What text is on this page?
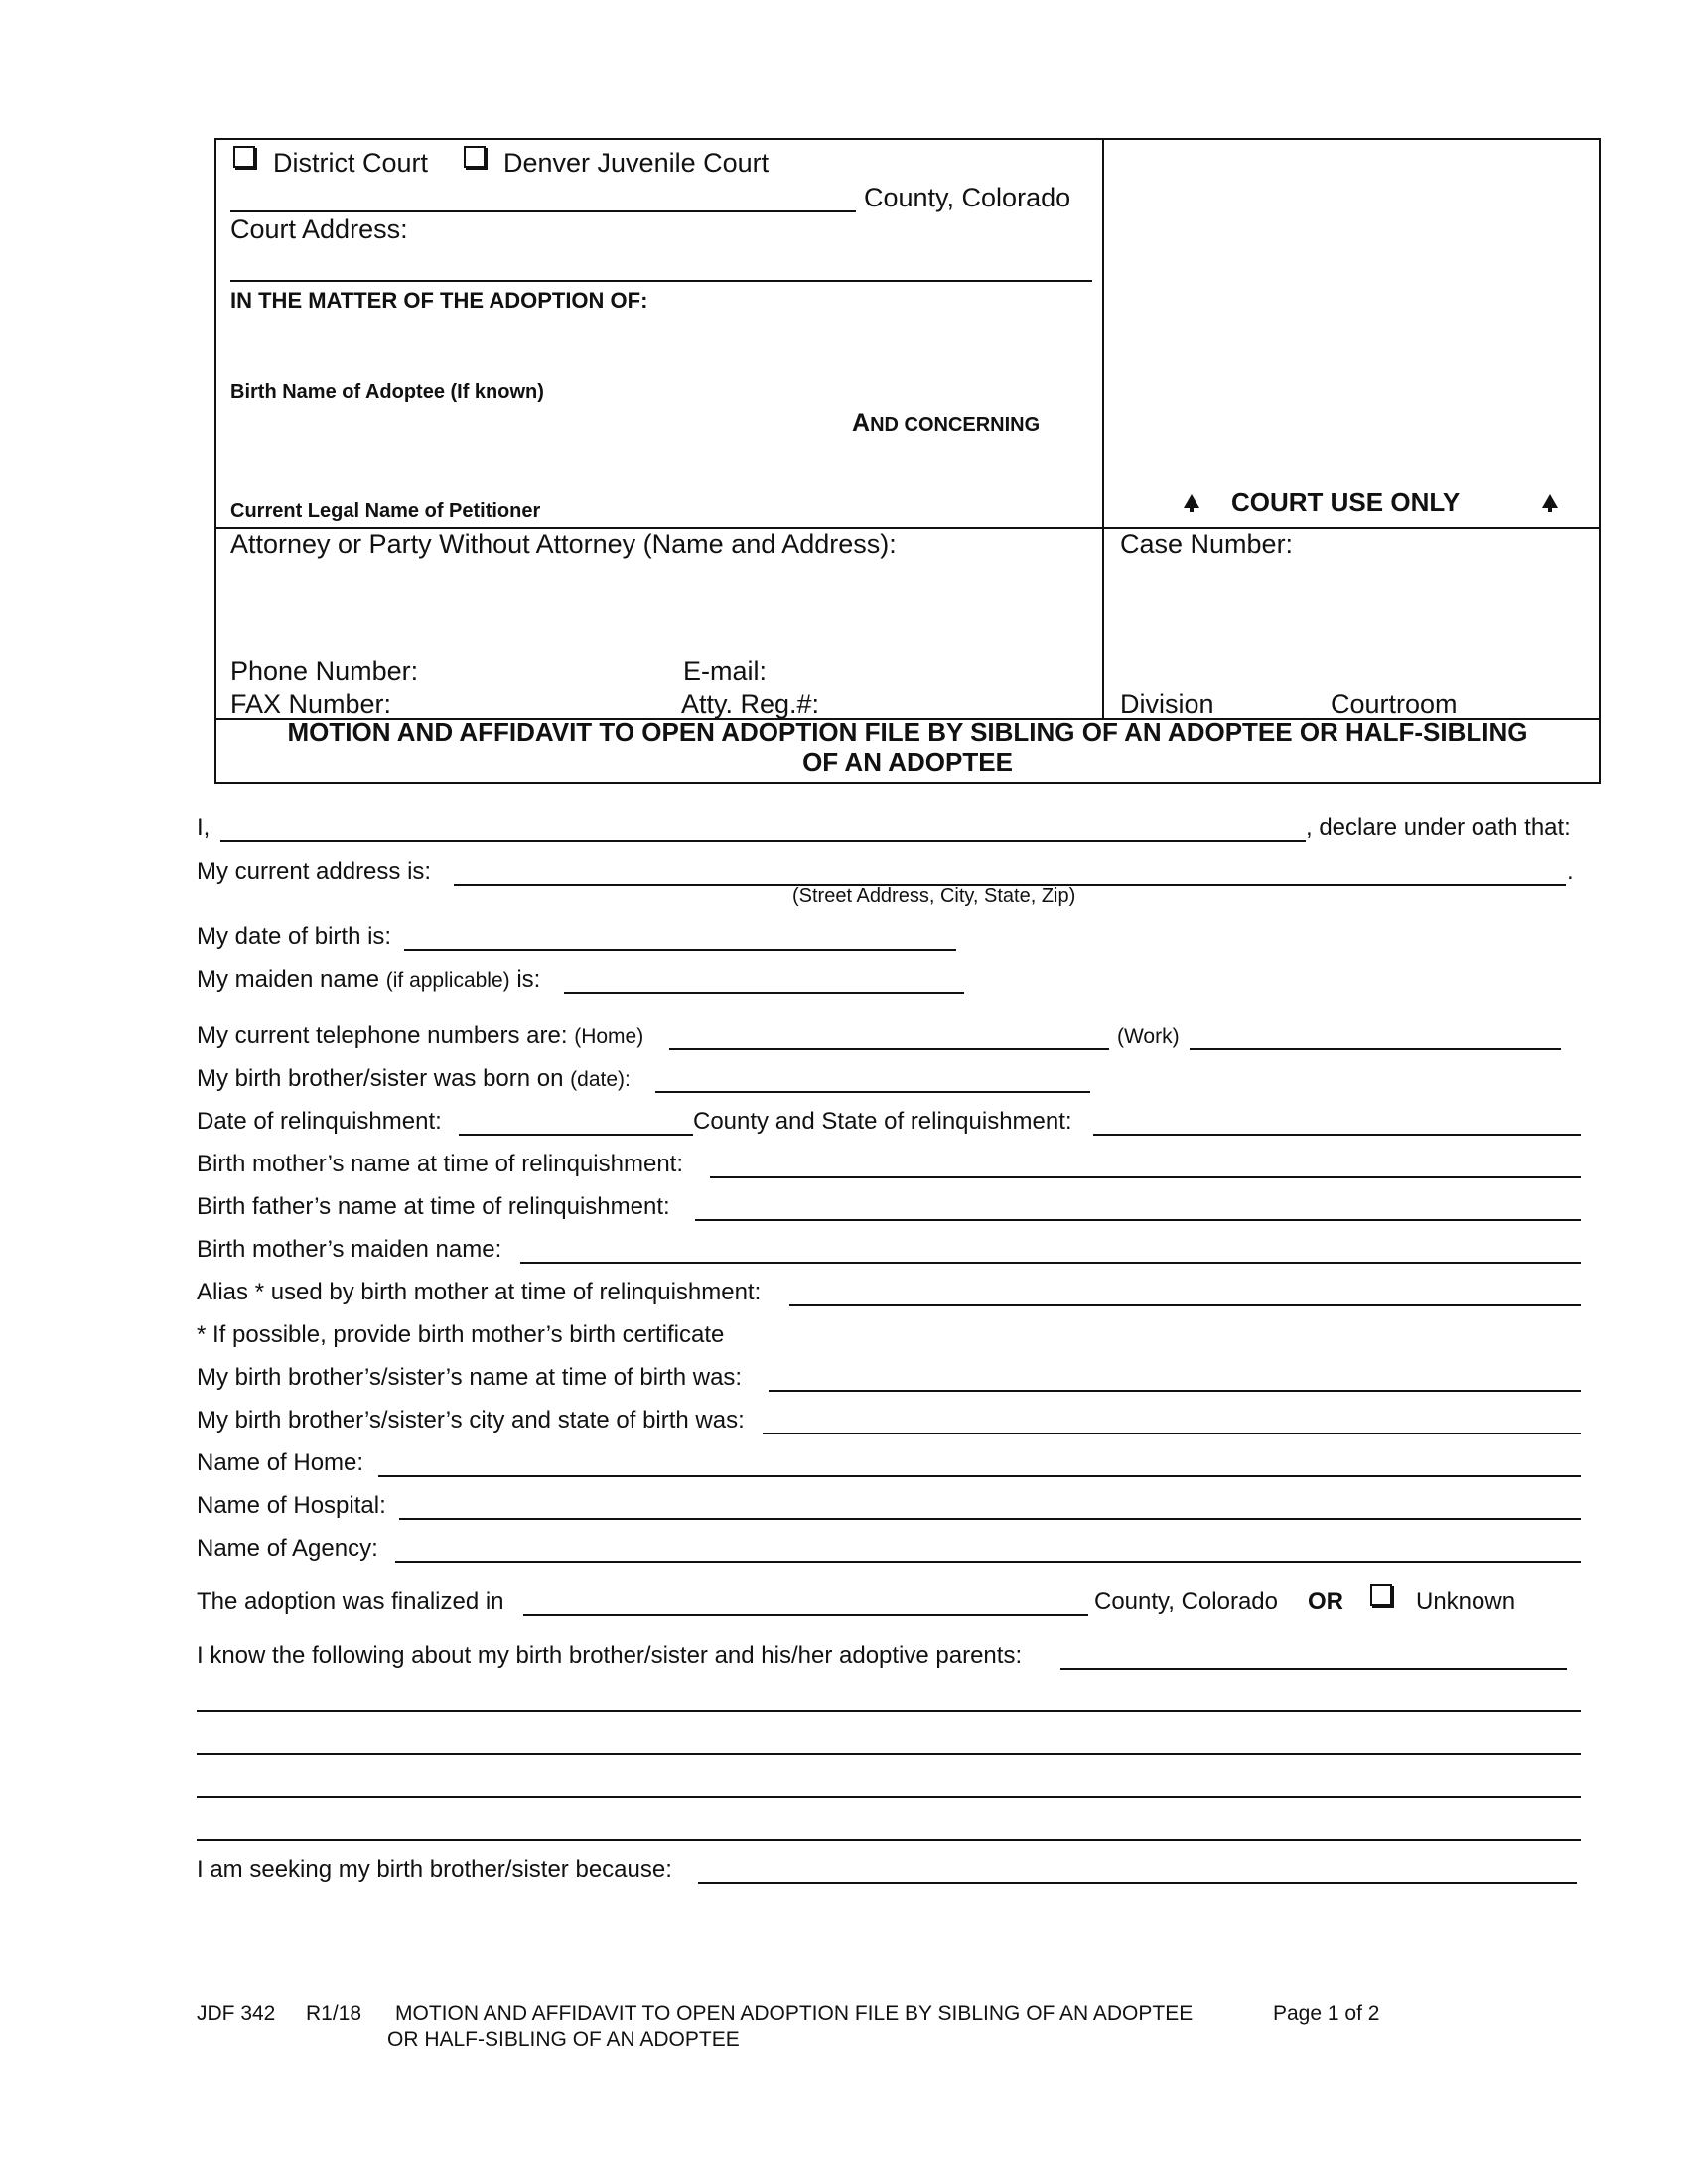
District Court	Denver Juvenile Court
County, Colorado
Court Address:
IN THE MATTER OF THE ADOPTION OF:
Birth Name of Adoptee (If known)
AND CONCERNING
Current Legal Name of Petitioner	COURT USE ONLY
Attorney or Party Without Attorney (Name and Address):
Phone Number:	E-mail:
FAX Number:	Atty. Reg.#:
Case Number:
Division	Courtroom
MOTION AND AFFIDAVIT TO OPEN ADOPTION FILE BY SIBLING OF AN ADOPTEE OR HALF-SIBLING
OF AN ADOPTEE
I,	, declare under oath that:
My current address is:	.
(Street Address, City, State, Zip)
My date of birth is:
My maiden name (if applicable) is:
My current telephone numbers are: (Home)	(Work)
My birth brother/sister was born on (date):
Date of relinquishment:	County and State of relinquishment:
Birth mother’s name at time of relinquishment:
Birth father’s name at time of relinquishment:
Birth mother’s maiden name:
Alias * used by birth mother at time of relinquishment:
* If possible, provide birth mother’s birth certificate
My birth brother’s/sister’s name at time of birth was:
My birth brother’s/sister’s city and state of birth was:
Name of Home:
Name of Hospital:
Name of Agency:
The adoption was finalized in	County, Colorado OR	Unknown
I know the following about my birth brother/sister and his/her adoptive parents:
I am seeking my birth brother/sister because:
JDF 342 R1/18 MOTION AND AFFIDAVIT TO OPEN ADOPTION FILE BY SIBLING OF AN ADOPTEE
OR HALF-SIBLING OF AN ADOPTEE
Page 1 of 2
